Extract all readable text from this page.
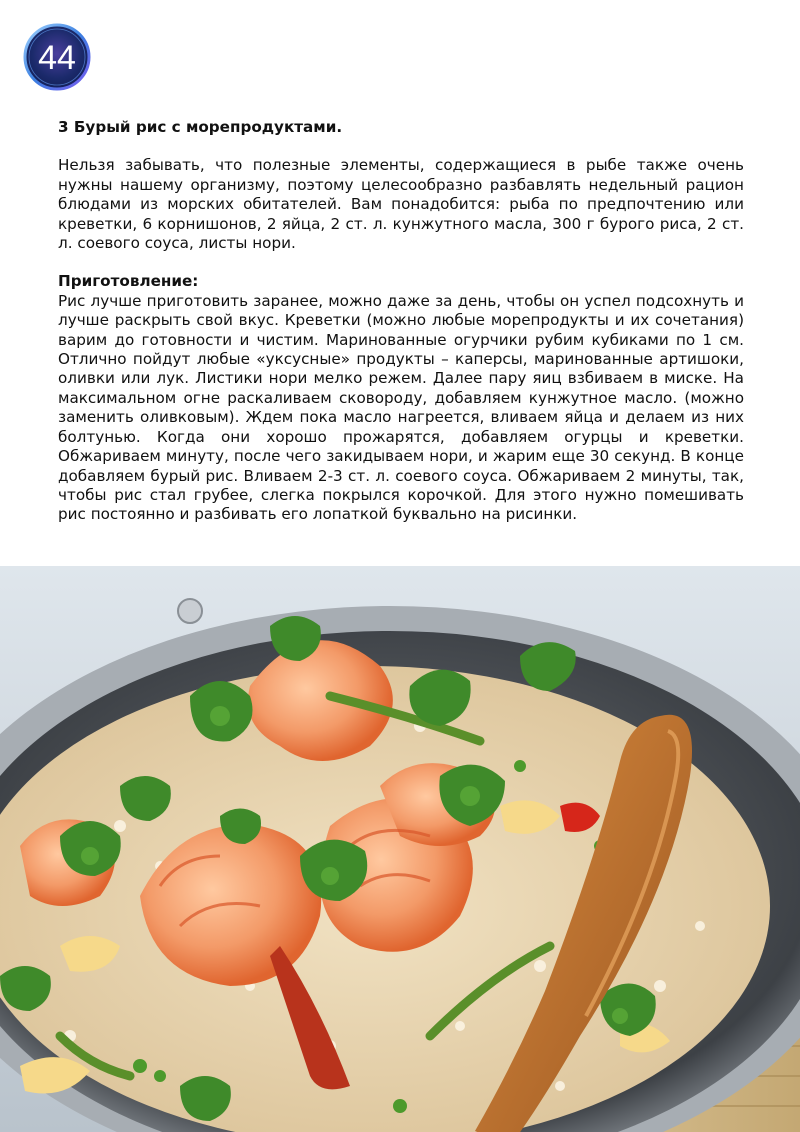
44

3 Бурый рис с морепродуктами.

Нельзя забывать, что полезные элементы, содержащиеся в рыбе также очень нужны нашему организму, поэтому целесообразно разбавлять недельный рацион блюдами из морских обитателей. Вам понадобится: рыба по предпочтению или креветки, 6 корнишонов, 2 яйца, 2 ст. л. кунжутного масла, 300 г бурого риса, 2 ст. л. соевого соуса, листы нори.

Приготовление:

Рис лучше приготовить заранее, можно даже за день, чтобы он успел подсохнуть и лучше раскрыть свой вкус. Креветки (можно любые морепродукты и их сочетания) варим до готовности и чистим. Маринованные огурчики рубим кубиками по 1 см. Отлично пойдут любые «уксусные» продукты – каперсы, маринованные артишоки, оливки или лук. Листики нори мелко режем. Далее пару яиц взбиваем в миске. На максимальном огне раскаливаем сковороду, добавляем кунжутное масло. (можно заменить оливковым). Ждем пока масло нагреется, вливаем яйца и делаем из них болтунью. Когда они хорошо прожарятся, добавляем огурцы и креветки. Обжариваем минуту, после чего закидываем нори, и жарим еще 30 секунд. В конце добавляем бурый рис. Вливаем 2-3 ст. л. соевого соуса. Обжариваем 2 минуты, так, чтобы рис стал грубее, слегка покрылся корочкой. Для этого нужно помешивать рис постоянно и разбивать его лопаткой буквально на рисинки.
